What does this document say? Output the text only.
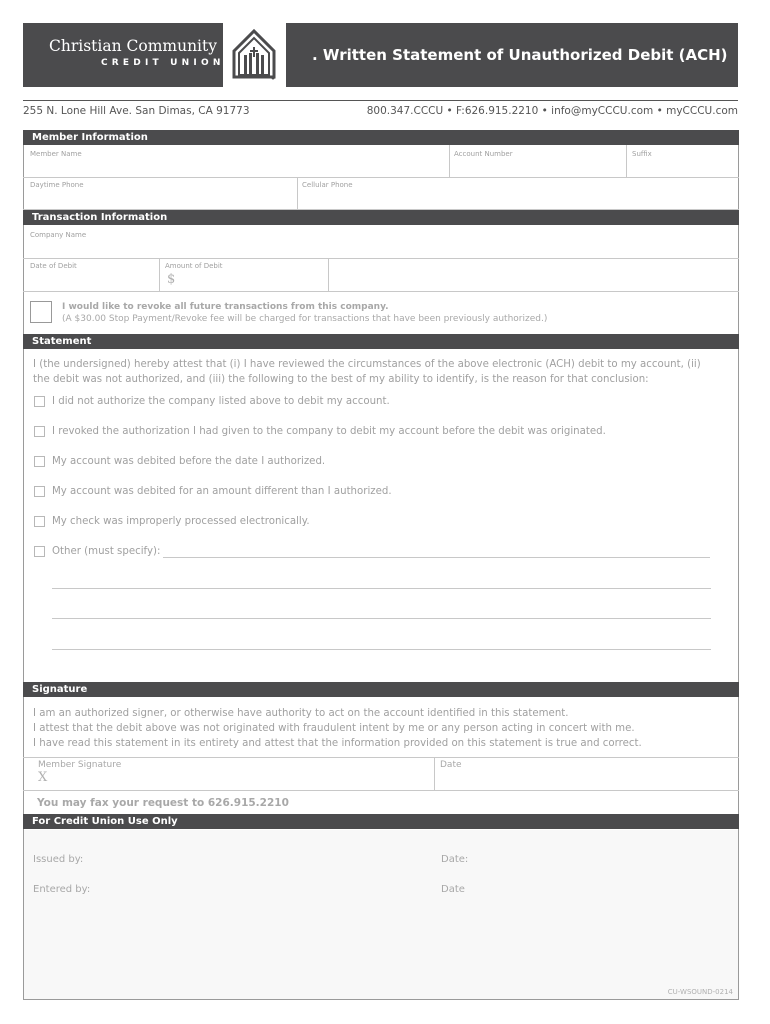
Christian Community
CREDIT UNION	. Written Statement of Unauthorized Debit (ACH)
255 N. Lone Hill Ave. San Dimas, CA 91773	800.347.CCCU • F:626.915.2210 • info@myCCCU.com • myCCCU.com
Member Information
Member Name	Account Number	Suffix
Daytime Phone	Cellular Phone
Transaction Information
Company Name
Date of Debit	Amount of Debit
$
I would like to revoke all future transactions from this company.
(A $30.00 Stop Payment/Revoke fee will be charged for transactions that have been previously authorized.)
Statement
I (the undersigned) hereby attest that (i) I have reviewed the circumstances of the above electronic (ACH) debit to my account, (ii)
the debit was not authorized, and (iii) the following to the best of my ability to identify, is the reason for that conclusion:
I did not authorize the company listed above to debit my account.
I revoked the authorization I had given to the company to debit my account before the debit was originated.
My account was debited before the date I authorized.
My account was debited for an amount different than I authorized.
My check was improperly processed electronically.
Other (must specify):
Signature
I am an authorized signer, or otherwise have authority to act on the account identified in this statement.
I attest that the debit above was not originated with fraudulent intent by me or any person acting in concert with me.
I have read this statement in its entirety and attest that the information provided on this statement is true and correct.
Member Signature
X
Date
You may fax your request to 626.915.2210
For Credit Union Use Only
Issued by:	Date:
Entered by:	Date
CU-WSOUND-0214
